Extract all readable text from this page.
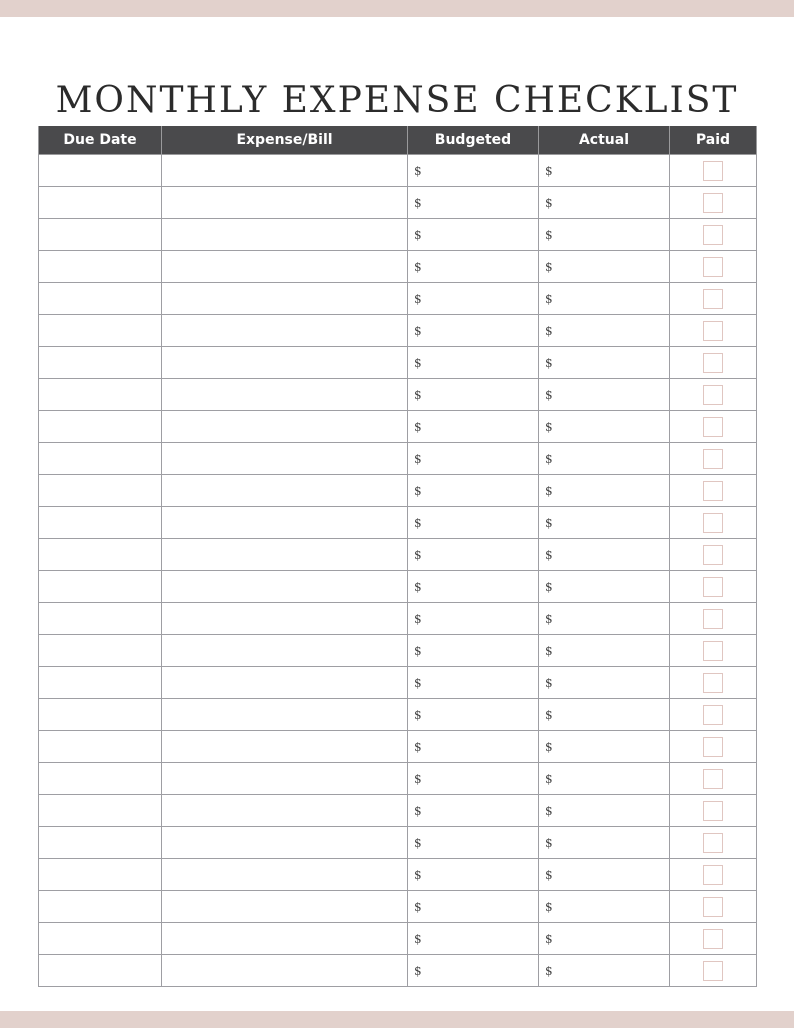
MONTHLY EXPENSE CHECKLIST
Due Date	Expense/Bill	Budgeted	Actual	Paid
		$	$	
		$	$	
		$	$	
		$	$	
		$	$	
		$	$	
		$	$	
		$	$	
		$	$	
		$	$	
		$	$	
		$	$	
		$	$	
		$	$	
		$	$	
		$	$	
		$	$	
		$	$	
		$	$	
		$	$	
		$	$	
		$	$	
		$	$	
		$	$	
		$	$	
		$	$	
